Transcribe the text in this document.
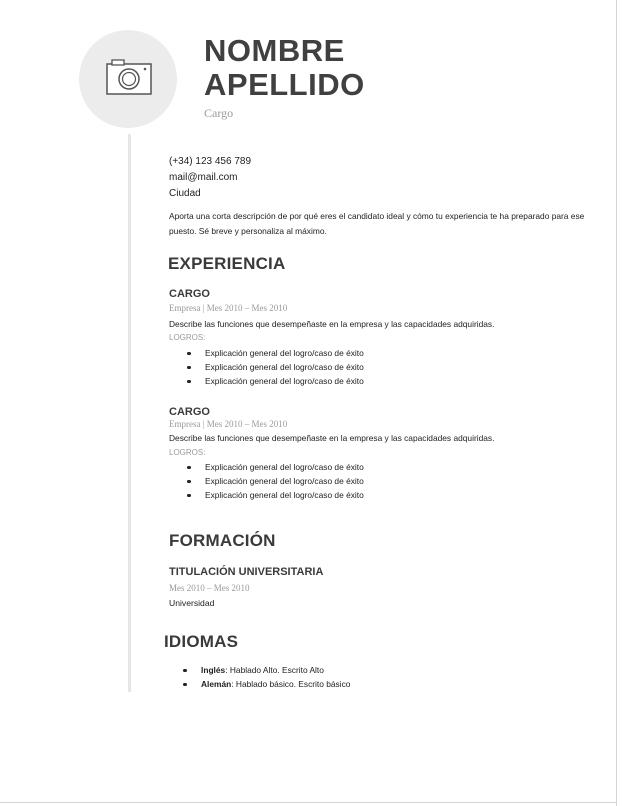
NOMBRE
APELLIDO
Cargo
(+34) 123 456 789
mail@mail.com
Ciudad
Aporta una corta descripción de por qué eres el candidato ideal y cómo tu experiencia te ha preparado para ese puesto. Sé breve y personaliza al máximo.
EXPERIENCIA
CARGO
Empresa | Mes 2010 – Mes 2010
Describe las funciones que desempeñaste en la empresa y las capacidades adquiridas.
LOGROS:
Explicación general del logro/caso de éxito
Explicación general del logro/caso de éxito
Explicación general del logro/caso de éxito
CARGO
Empresa | Mes 2010 – Mes 2010
Describe las funciones que desempeñaste en la empresa y las capacidades adquiridas.
LOGROS:
Explicación general del logro/caso de éxito
Explicación general del logro/caso de éxito
Explicación general del logro/caso de éxito
FORMACIÓN
TITULACIÓN UNIVERSITARIA
Mes 2010 – Mes 2010
Universidad
IDIOMAS
Inglés: Hablado Alto. Escrito Alto
Alemán: Hablado básico. Escrito básico
